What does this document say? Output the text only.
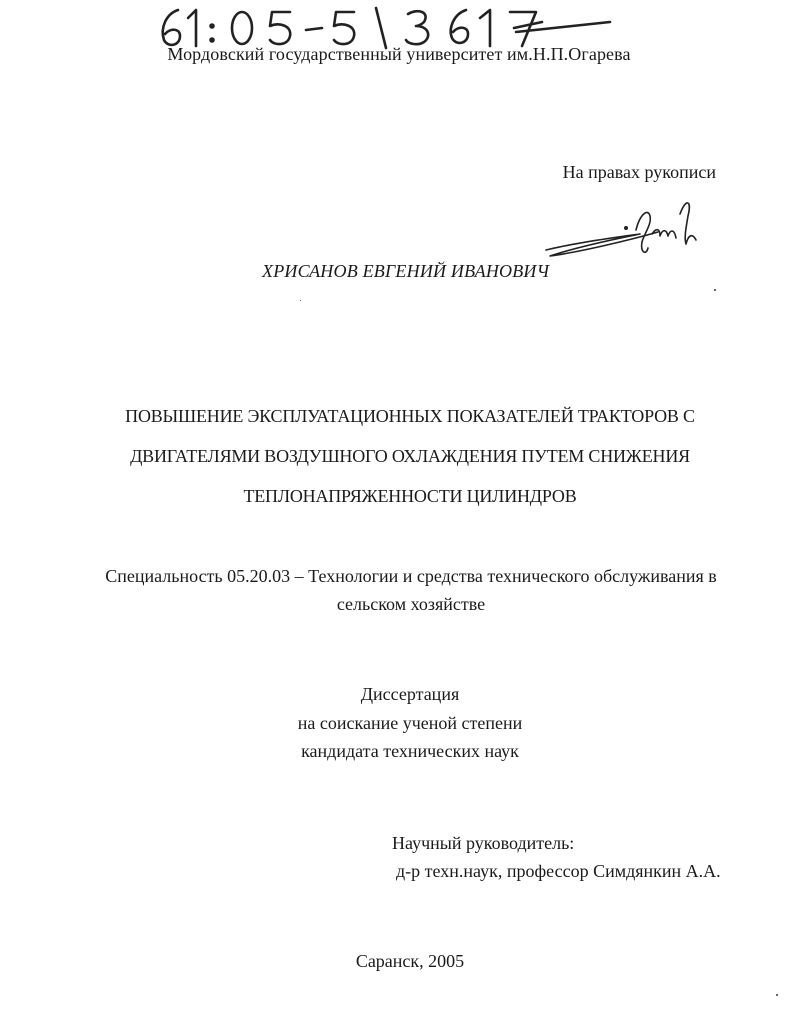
Мордовский государственный университет им.Н.П.Огарева
На правах рукописи
ХРИСАНОВ ЕВГЕНИЙ ИВАНОВИЧ
ПОВЫШЕНИЕ ЭКСПЛУАТАЦИОННЫХ ПОКАЗАТЕЛЕЙ ТРАКТОРОВ С
ДВИГАТЕЛЯМИ ВОЗДУШНОГО ОХЛАЖДЕНИЯ ПУТЕМ СНИЖЕНИЯ
ТЕПЛОНАПРЯЖЕННОСТИ ЦИЛИНДРОВ
Специальность 05.20.03 – Технологии и средства технического обслуживания в
сельском хозяйстве
Диссертация
на соискание ученой степени
кандидата технических наук
Научный руководитель:
д-р техн.наук, профессор Симдянкин А.А.
Саранск, 2005
